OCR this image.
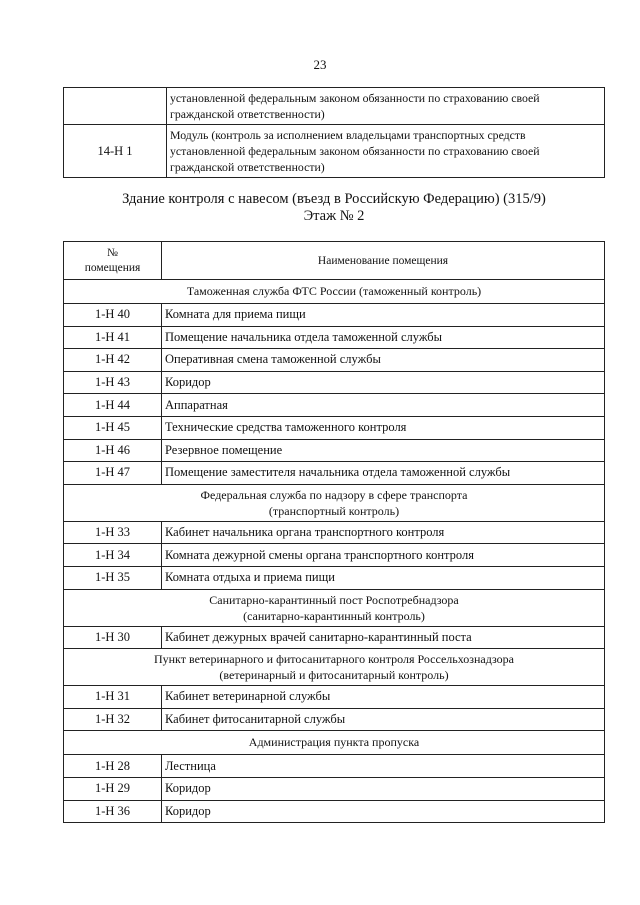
23

	установленной федеральным законом обязанности по страхованию своей
гражданской ответственности)

14-Н 1	Модуль (контроль за исполнением владельцами транспортных средств
установленной федеральным законом обязанности по страхованию своей
гражданской ответственности)
Здание контроля с навесом (въезд в Российскую Федерацию) (315/9)
Этаж № 2
№
помещения	Наименование помещения

Таможенная служба ФТС России (таможенный контроль)	

1-Н 40	Комната для приема пищи
1-Н 41	Помещение начальника отдела таможенной службы
1-Н 42	Оперативная смена таможенной службы
1-Н 43	Коридор
1-Н 44	Аппаратная
1-Н 45	Технические средства таможенного контроля
1-Н 46	Резервное помещение
1-Н 47	Помещение заместителя начальника отдела таможенной службы

Федеральная служба по надзору в сфере транспорта
(транспортный контроль)	

1-Н 33	Кабинет начальника органа транспортного контроля
1-Н 34	Комната дежурной смены органа транспортного контроля
1-Н 35	Комната отдыха и приема пищи

Санитарно-карантинный пост Роспотребнадзора
(санитарно-карантинный контроль)	

1-Н 30	Кабинет дежурных врачей санитарно-карантинный поста

Пункт ветеринарного и фитосанитарного контроля Россельхознадзора
(ветеринарный и фитосанитарный контроль)	

1-Н 31	Кабинет ветеринарной службы
1-Н 32	Кабинет фитосанитарной службы

Администрация пункта пропуска	

1-Н 28	Лестница
1-Н 29	Коридор
1-Н 36	Коридор
